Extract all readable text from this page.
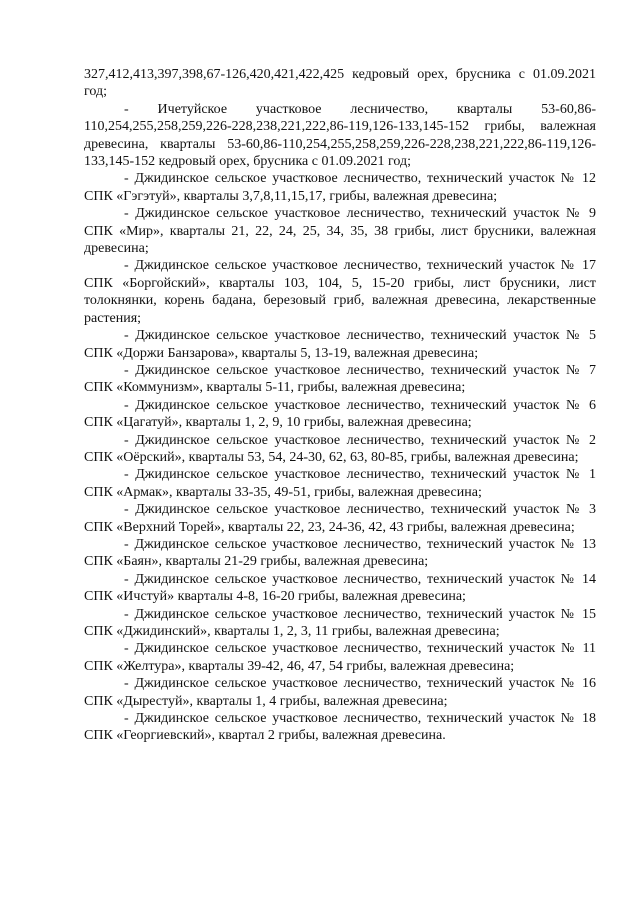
327,412,413,397,398,67-126,420,421,422,425 кедровый орех, брусника с 01.09.2021 год;

- Ичетуйское участковое лесничество, кварталы 53-60,86-110,254,255,258,259,226-228,238,221,222,86-119,126-133,145-152 грибы, валежная древесина, кварталы 53-60,86-110,254,255,258,259,226-228,238,221,222,86-119,126-133,145-152 кедровый орех, брусника с 01.09.2021 год;

- Джидинское сельское участковое лесничество, технический участок № 12 СПК «Гэгэтуй», кварталы 3,7,8,11,15,17, грибы, валежная древесина;

- Джидинское сельское участковое лесничество, технический участок № 9 СПК «Мир», кварталы 21, 22, 24, 25, 34, 35, 38 грибы, лист брусники, валежная древесина;

- Джидинское сельское участковое лесничество, технический участок № 17 СПК «Боргойский», кварталы 103, 104, 5, 15-20 грибы, лист брусники, лист толокнянки, корень бадана, березовый гриб, валежная древесина, лекарственные растения;

- Джидинское сельское участковое лесничество, технический участок № 5 СПК «Доржи Банзарова», кварталы 5, 13-19, валежная древесина;

- Джидинское сельское участковое лесничество, технический участок № 7 СПК «Коммунизм», кварталы 5-11, грибы, валежная древесина;

- Джидинское сельское участковое лесничество, технический участок № 6 СПК «Цагатуй», кварталы 1, 2, 9, 10 грибы, валежная древесина;

- Джидинское сельское участковое лесничество, технический участок № 2 СПК «Оёрский», кварталы 53, 54, 24-30, 62, 63, 80-85, грибы, валежная древесина;

- Джидинское сельское участковое лесничество, технический участок № 1 СПК «Армак», кварталы 33-35, 49-51, грибы, валежная древесина;

- Джидинское сельское участковое лесничество, технический участок № 3 СПК «Верхний Торей», кварталы 22, 23, 24-36, 42, 43 грибы, валежная древесина;

- Джидинское сельское участковое лесничество, технический участок № 13 СПК «Баян», кварталы 21-29 грибы, валежная древесина;

- Джидинское сельское участковое лесничество, технический участок № 14 СПК «Ичстуй» кварталы 4-8, 16-20 грибы, валежная древесина;

- Джидинское сельское участковое лесничество, технический участок № 15 СПК «Джидинский», кварталы 1, 2, 3, 11 грибы, валежная древесина;

- Джидинское сельское участковое лесничество, технический участок № 11 СПК «Желтура», кварталы 39-42, 46, 47, 54 грибы, валежная древесина;

- Джидинское сельское участковое лесничество, технический участок № 16 СПК «Дырестуй», кварталы 1, 4 грибы, валежная древесина;

- Джидинское сельское участковое лесничество, технический участок № 18 СПК «Георгиевский», квартал 2 грибы, валежная древесина.
